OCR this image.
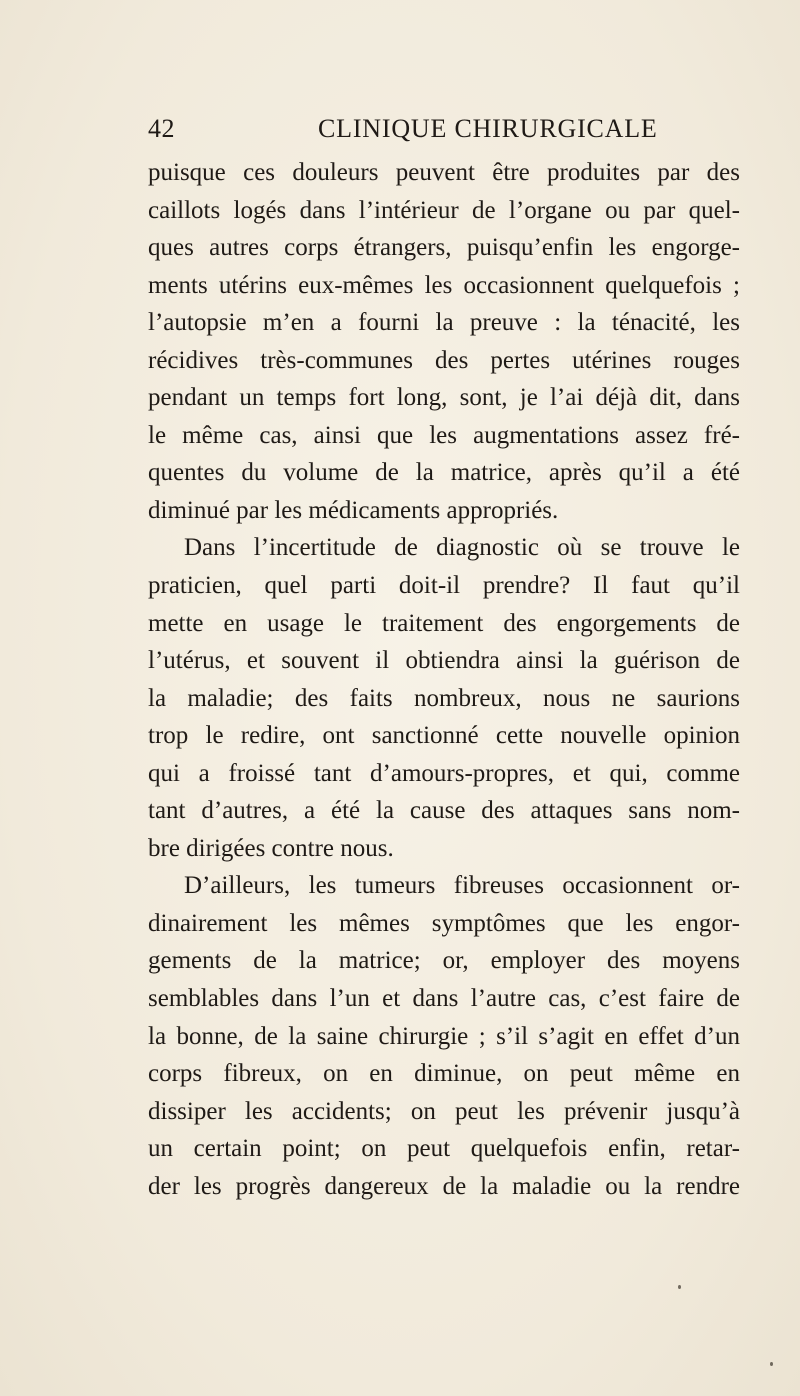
42	CLINIQUE CHIRURGICALE
puisque ces douleurs peuvent être produites par des
caillots logés dans l’intérieur de l’organe ou par quel-
ques autres corps étrangers, puisqu’enfin les engorge-
ments utérins eux-mêmes les occasionnent quelquefois ;
l’autopsie m’en a fourni la preuve : la ténacité, les
récidives très-communes des pertes utérines rouges
pendant un temps fort long, sont, je l’ai déjà dit, dans
le même cas, ainsi que les augmentations assez fré-
quentes du volume de la matrice, après qu’il a été
diminué par les médicaments appropriés.
Dans l’incertitude de diagnostic où se trouve le
praticien, quel parti doit-il prendre? Il faut qu’il
mette en usage le traitement des engorgements de
l’utérus, et souvent il obtiendra ainsi la guérison de
la maladie; des faits nombreux, nous ne saurions
trop le redire, ont sanctionné cette nouvelle opinion
qui a froissé tant d’amours-propres, et qui, comme
tant d’autres, a été la cause des attaques sans nom-
bre dirigées contre nous.
D’ailleurs, les tumeurs fibreuses occasionnent or-
dinairement les mêmes symptômes que les engor-
gements de la matrice; or, employer des moyens
semblables dans l’un et dans l’autre cas, c’est faire de
la bonne, de la saine chirurgie ; s’il s’agit en effet d’un
corps fibreux, on en diminue, on peut même en
dissiper les accidents; on peut les prévenir jusqu’à
un certain point; on peut quelquefois enfin, retar-
der les progrès dangereux de la maladie ou la rendre
